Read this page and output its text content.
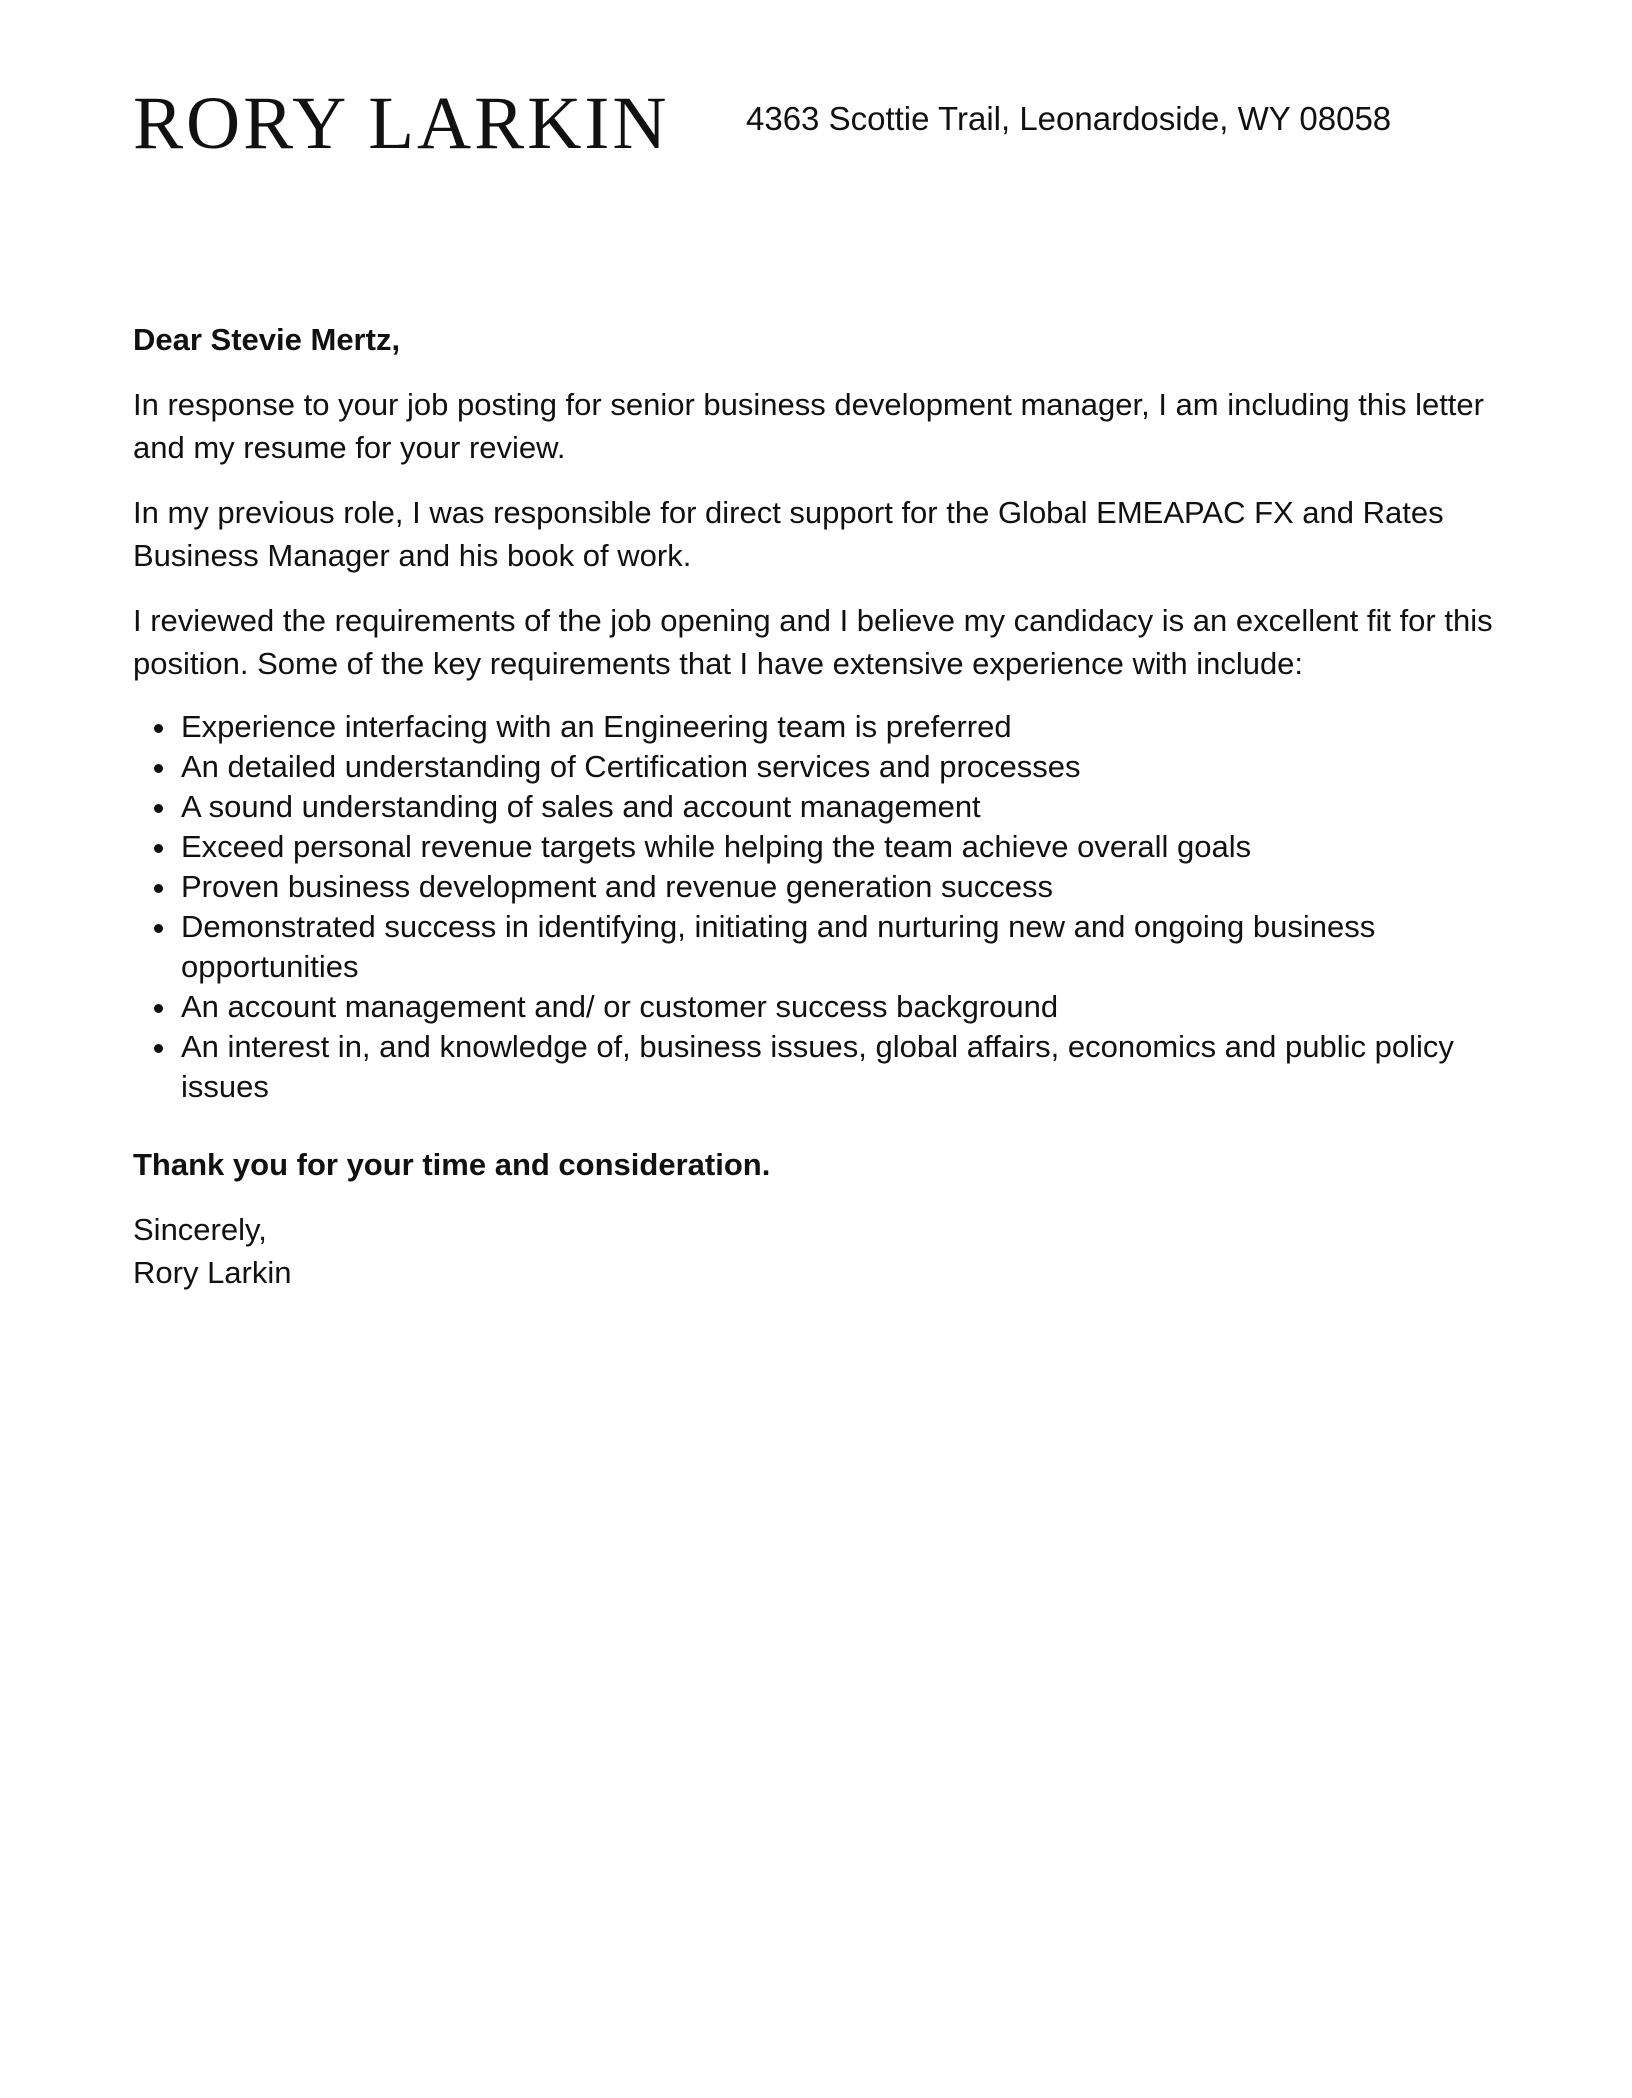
RORY LARKIN 4363 Scottie Trail, Leonardoside, WY 08058

Dear Stevie Mertz,

In response to your job posting for senior business development manager, I am including this letter and my resume for your review.

In my previous role, I was responsible for direct support for the Global EMEAPAC FX and Rates Business Manager and his book of work.

I reviewed the requirements of the job opening and I believe my candidacy is an excellent fit for this position. Some of the key requirements that I have extensive experience with include:

Experience interfacing with an Engineering team is preferred
An detailed understanding of Certification services and processes
A sound understanding of sales and account management
Exceed personal revenue targets while helping the team achieve overall goals
Proven business development and revenue generation success
Demonstrated success in identifying, initiating and nurturing new and ongoing business opportunities
An account management and/ or customer success background
An interest in, and knowledge of, business issues, global affairs, economics and public policy issues

Thank you for your time and consideration.

Sincerely,

Rory Larkin
